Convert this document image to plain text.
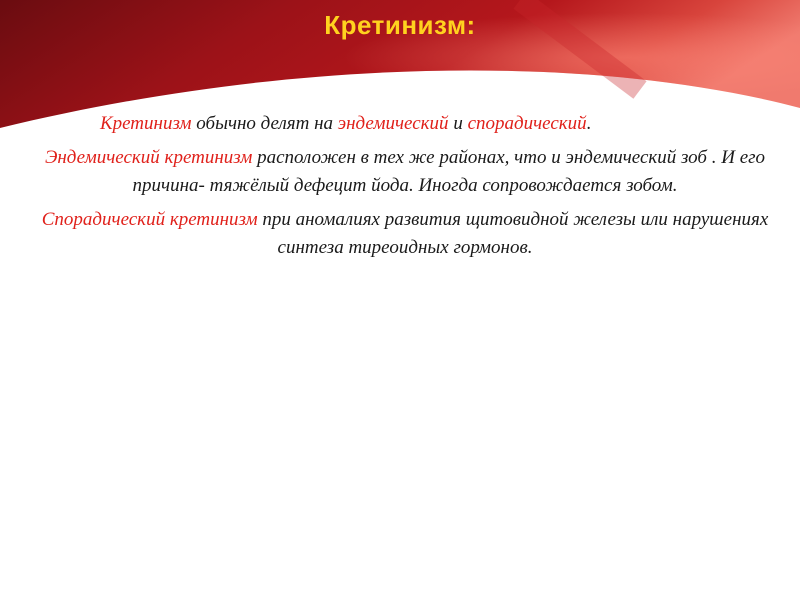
Кретинизм:

Кретинизм обычно делят на эндемический и спорадический.

Эндемический кретинизм расположен в тех же районах, что и эндемический зоб . И его причина- тяжёлый дефецит йода. Иногда сопровождается зобом.

Спорадический кретинизм при аномалиях развития щитовидной железы или нарушениях синтеза тиреоидных гормонов.
